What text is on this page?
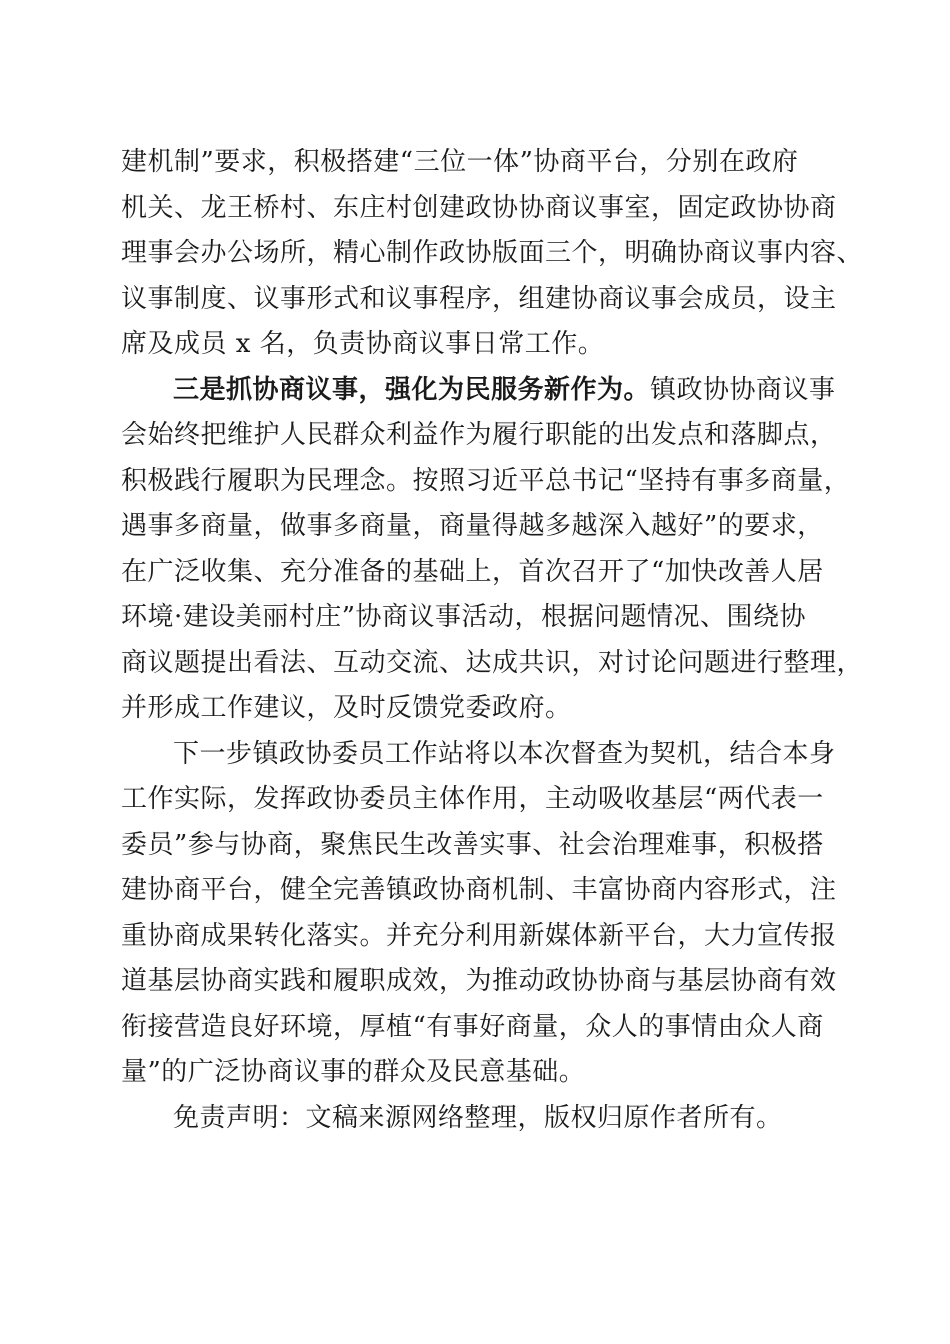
建机制”要求，积极搭建“三位一体”协商平台，分别在政府
机关、龙王桥村、东庄村创建政协协商议事室，固定政协协商
理事会办公场所，精心制作政协版面三个，明确协商议事内容、
议事制度、议事形式和议事程序，组建协商议事会成员，设主
席及成员 x 名，负责协商议事日常工作。
三是抓协商议事，强化为民服务新作为。镇政协协商议事
会始终把维护人民群众利益作为履行职能的出发点和落脚点，
积极践行履职为民理念。按照习近平总书记“坚持有事多商量，
遇事多商量，做事多商量，商量得越多越深入越好”的要求，
在广泛收集、充分准备的基础上，首次召开了“加快改善人居
环境·建设美丽村庄”协商议事活动，根据问题情况、围绕协
商议题提出看法、互动交流、达成共识，对讨论问题进行整理，
并形成工作建议，及时反馈党委政府。
下一步镇政协委员工作站将以本次督查为契机，结合本身
工作实际，发挥政协委员主体作用，主动吸收基层“两代表一
委员”参与协商，聚焦民生改善实事、社会治理难事，积极搭
建协商平台，健全完善镇政协商机制、丰富协商内容形式，注
重协商成果转化落实。并充分利用新媒体新平台，大力宣传报
道基层协商实践和履职成效，为推动政协协商与基层协商有效
衔接营造良好环境，厚植“有事好商量，众人的事情由众人商
量”的广泛协商议事的群众及民意基础。
免责声明：文稿来源网络整理，版权归原作者所有。
